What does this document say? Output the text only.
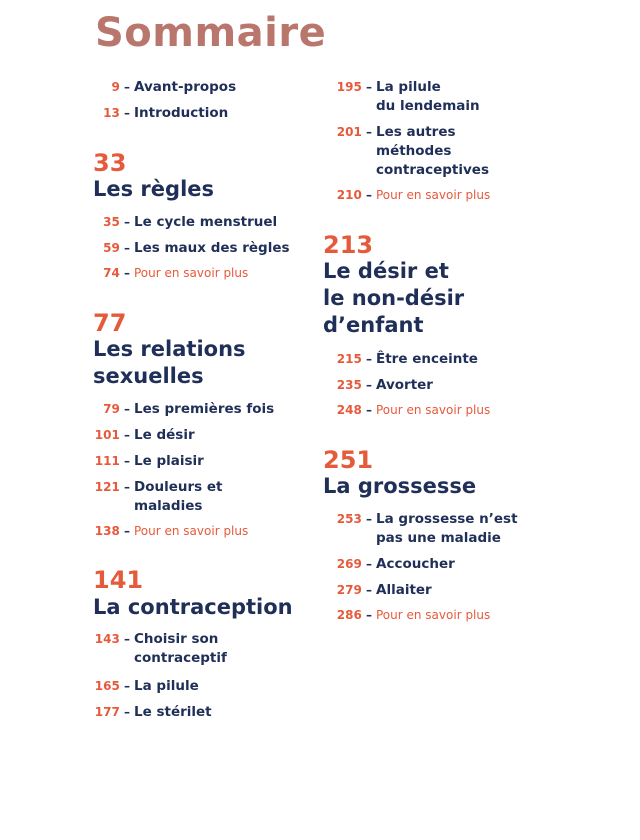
Sommaire
9 – Avant-propos
13 – Introduction
33
Les règles
35 – Le cycle menstruel
59 – Les maux des règles
74 – Pour en savoir plus
77
Les relations
sexuelles
79 – Les premières fois
101 – Le désir
111 – Le plaisir
121 – Douleurs et
maladies
138 – Pour en savoir plus
141
La contraception
143 – Choisir son
contraceptif
165 – La pilule
177 – Le stérilet
195 – La pilule
du lendemain
201 – Les autres
méthodes
contraceptives
210 – Pour en savoir plus
213
Le désir et
le non-désir
d’enfant
215 – Être enceinte
235 – Avorter
248 – Pour en savoir plus
251
La grossesse
253 – La grossesse n’est
pas une maladie
269 – Accoucher
279 – Allaiter
286 – Pour en savoir plus
